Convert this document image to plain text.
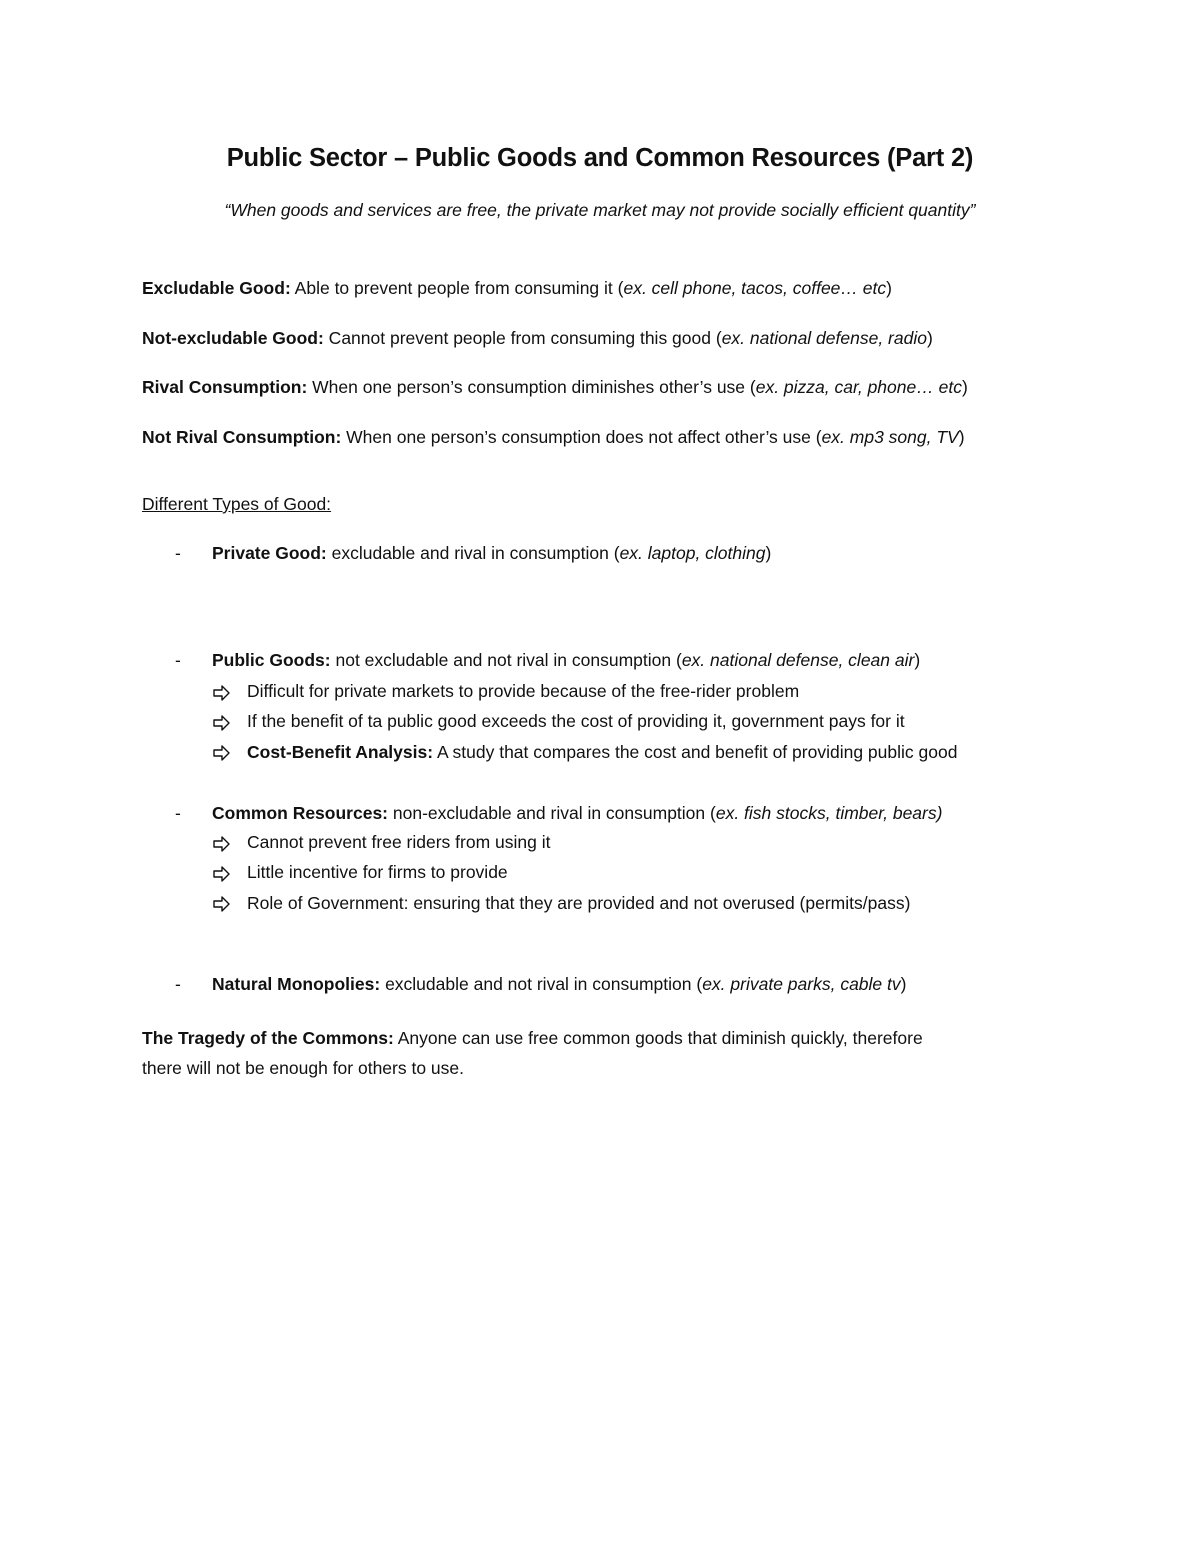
Public Sector – Public Goods and Common Resources (Part 2)
“When goods and services are free, the private market may not provide socially efficient quantity”
Excludable Good: Able to prevent people from consuming it (ex. cell phone, tacos, coffee… etc)
Not-excludable Good: Cannot prevent people from consuming this good (ex. national defense, radio)
Rival Consumption: When one person’s consumption diminishes other’s use (ex. pizza, car, phone… etc)
Not Rival Consumption: When one person’s consumption does not affect other’s use (ex. mp3 song, TV)
Different Types of Good:
- Private Good: excludable and rival in consumption (ex. laptop, clothing)
- Public Goods: not excludable and not rival in consumption (ex. national defense, clean air)
Difficult for private markets to provide because of the free-rider problem
If the benefit of ta public good exceeds the cost of providing it, government pays for it
Cost-Benefit Analysis: A study that compares the cost and benefit of providing public good
- Common Resources: non-excludable and rival in consumption (ex. fish stocks, timber, bears)
Cannot prevent free riders from using it
Little incentive for firms to provide
Role of Government: ensuring that they are provided and not overused (permits/pass)
- Natural Monopolies: excludable and not rival in consumption (ex. private parks, cable tv)
The Tragedy of the Commons: Anyone can use free common goods that diminish quickly, therefore
there will not be enough for others to use.
